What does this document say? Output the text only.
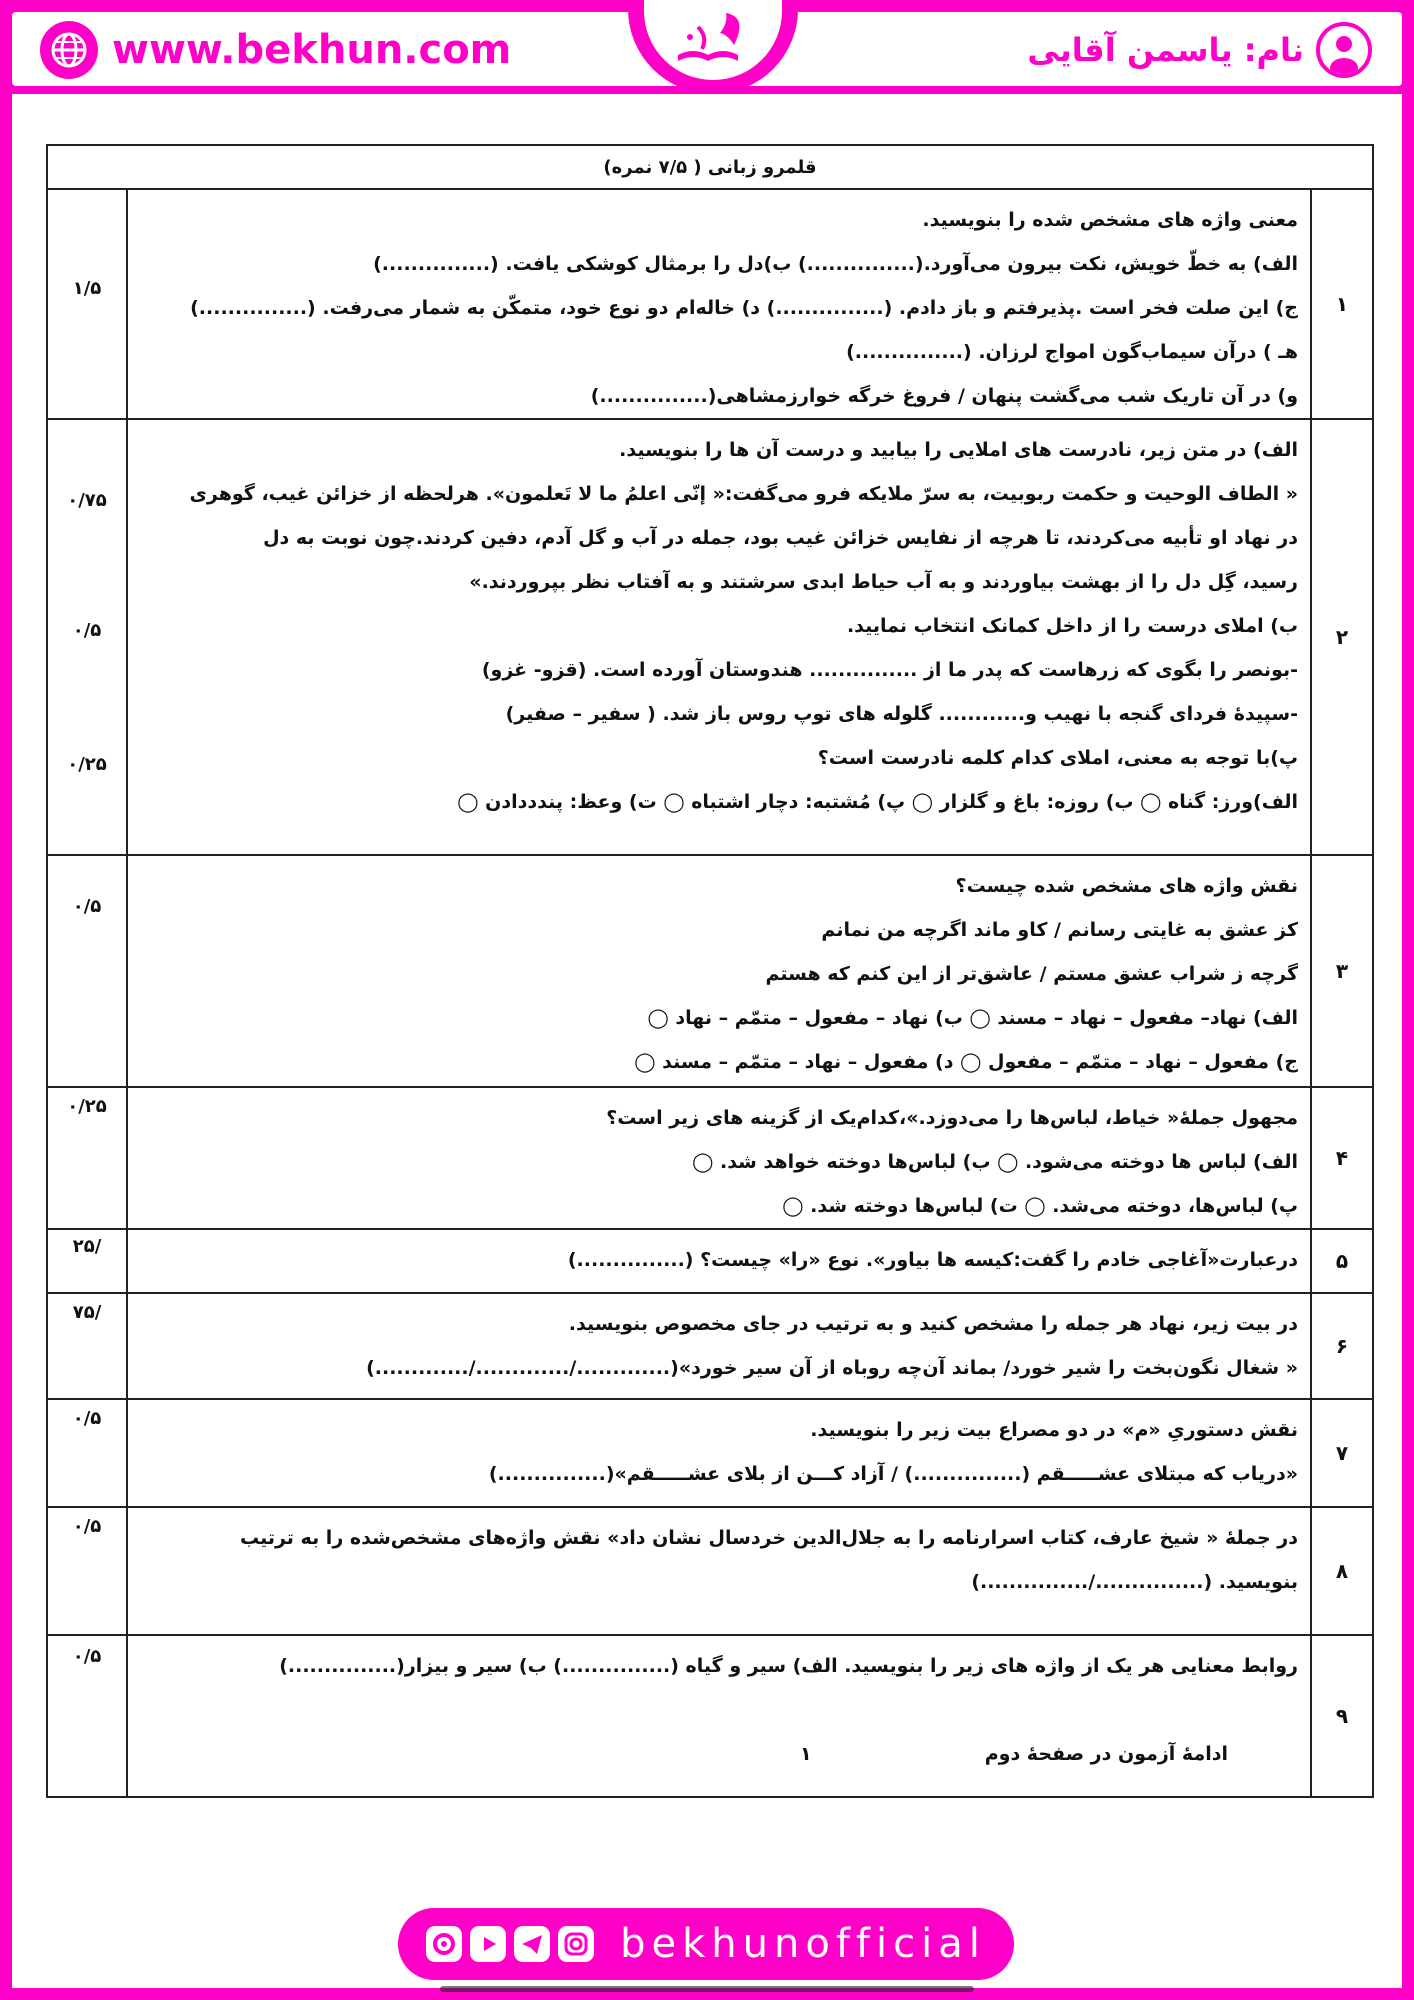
www.bekhun.com	نام: یاسمن آقایی
قلمرو زبانی ( ۷/۵ نمره)
۱
معنی واژه های مشخص شده را بنویسید.
الف) به خطّ خویش، نکت بیرون می‌آورد.(...............) ب)دل را برمثال کوشکی یافت. (...............)
ج) این صلت فخر است .پذیرفتم و باز دادم. (...............) د) خاله‌ام دو نوع خود، متمکّن به شمار می‌رفت. (...............)
هـ ) درآن سیماب‌گون امواج لرزان. (...............)
و) در آن تاریک شب می‌گشت پنهان / فروغ خرگه خوارزمشاهی(...............)
۱/۵
۲
الف) در متن زیر، نادرست های املایی را بیابید و درست آن ها را بنویسید.
« الطاف الوحیت و حکمت ربوبیت، به سرّ ملایکه فرو می‌گفت:« إنّی اعلمُ ما لا تَعلمون». هرلحظه از خزائن غیب، گوهری
در نهاد او تأبیه می‌کردند، تا هرچه از نفایس خزائن غیب بود، جمله در آب و گل آدم، دفین کردند.چون نوبت به دل
رسید، گِل دل را از بهشت بیاوردند و به آب حیاط ابدی سرشتند و به آفتاب نظر بپروردند.»
ب) املای درست را از داخل کمانک انتخاب نمایید.
-بونصر را بگوی که زرهاست که پدر ما از ............... هندوستان آورده است. (قزو- غزو)
-سپیدهٔ فردای گنجه با نهیب و............ گلوله های توپ روس باز شد. ( سفیر – صفیر)
پ)با توجه به معنی، املای کدام کلمه نادرست است؟
الف)ورز: گناه ◯ ب) روزه: باغ و گلزار ◯ پ) مُشتبه: دچار اشتباه ◯ ت) وعظ: پندددادن ◯
۰/۷۵
۰/۵
۰/۲۵
۳
نقش واژه های مشخص شده چیست؟
کز عشق به غایتی رسانم / کاو ماند اگرچه من نمانم
گرچه ز شراب عشق مستم / عاشق‌تر از این کنم که هستم
الف) نهاد– مفعول – نهاد – مسند ◯ ب) نهاد – مفعول – متمّم – نهاد ◯
ج) مفعول – نهاد – متمّم – مفعول ◯ د) مفعول – نهاد – متمّم – مسند ◯
۰/۵
۴
مجهول جملهٔ« خیاط، لباس‌ها را می‌دوزد.»،کدام‌یک از گزینه های زیر است؟
الف) لباس ها دوخته می‌شود. ◯ ب) لباس‌ها دوخته خواهد شد. ◯
پ) لباس‌ها، دوخته می‌شد. ◯ ت) لباس‌ها دوخته شد. ◯
۰/۲۵
۵
درعبارت«آغاجی خادم را گفت:کیسه ها بیاور». نوع «را» چیست؟ (...............)
/۲۵
۶
در بیت زیر، نهاد هر جمله را مشخص کنید و به ترتیب در جای مخصوص بنویسید.
« شغال نگون‌بخت را شیر خورد/ بماند آن‌چه روباه از آن سیر خورد»(............./............./.............)
/۷۵
۷
نقش دستوریِ «م» در دو مصراع بیت زیر را بنویسید.
«دریاب که مبتلای عشـــــقم (...............) / آزاد کـــن از بلای عشـــــقم»(...............)
۰/۵
۸
در جملهٔ « شیخ عارف، کتاب اسرارنامه را به جلال‌الدین خردسال نشان داد» نقش واژه‌های مشخص‌شده را به ترتیب
بنویسید. (.............../...............)
۰/۵
۹
روابط معنایی هر یک از واژه های زیر را بنویسید. الف) سیر و گیاه (...............) ب) سیر و بیزار(...............)
ادامهٔ آزمون در صفحهٔ دوم
۱
۰/۵
bekhunofficial
